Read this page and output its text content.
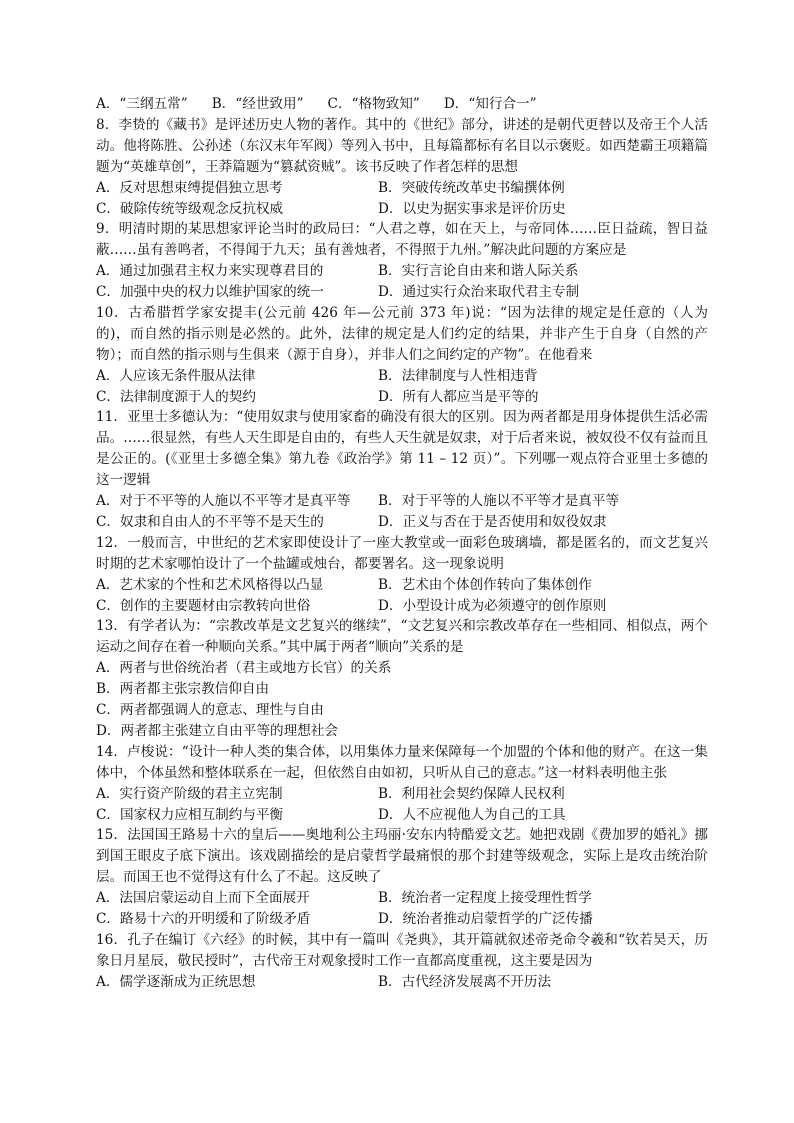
A．“三纲五常” B．“经世致用” C．“格物致知” D．“知行合一”
8．李贽的《藏书》是评述历史人物的著作。其中的《世纪》部分，讲述的是朝代更替以及帝王个人活动。他将陈胜、公孙述（东汉末年军阀）等列入书中，且每篇都标有名目以示褒贬。如西楚霸王项籍篇题为“英雄草创”，王莽篇题为“篡弑资贼”。该书反映了作者怎样的思想
A．反对思想束缚提倡独立思考	B．突破传统改革史书编撰体例
C．破除传统等级观念反抗权威	D．以史为据实事求是评价历史
9．明清时期的某思想家评论当时的政局曰：“人君之尊，如在天上，与帝同体……臣日益疏，智日益蔽……虽有善鸣者，不得闻于九天；虽有善烛者，不得照于九州。”解决此问题的方案应是
A．通过加强君主权力来实现尊君目的	B．实行言论自由来和谐人际关系
C．加强中央的权力以维护国家的统一	D．通过实行众治来取代君主专制
10．古希腊哲学家安提丰(公元前 426 年—公元前 373 年)说：“因为法律的规定是任意的（人为的)，而自然的指示则是必然的。此外，法律的规定是人们约定的结果，并非产生于自身（自然的产物）；而自然的指示则与生俱来（源于自身），并非人们之间约定的产物”。在他看来
A．人应该无条件服从法律	B．法律制度与人性相违背
C．法律制度源于人的契约	D．所有人都应当是平等的
11．亚里士多德认为：“使用奴隶与使用家畜的确没有很大的区别。因为两者都是用身体提供生活必需品。……很显然，有些人天生即是自由的，有些人天生就是奴隶，对于后者来说，被奴役不仅有益而且是公正的。(《亚里士多德全集》第九卷《政治学》第 11 – 12 页）”。下列哪一观点符合亚里士多德的这一逻辑
A．对于不平等的人施以不平等才是真平等	B．对于平等的人施以不平等才是真平等
C．奴隶和自由人的不平等不是天生的	D．正义与否在于是否使用和奴役奴隶
12．一般而言，中世纪的艺术家即使设计了一座大教堂或一面彩色玻璃墙，都是匿名的，而文艺复兴时期的艺术家哪怕设计了一个盐罐或烛台，都要署名。这一现象说明
A．艺术家的个性和艺术风格得以凸显	B．艺术由个体创作转向了集体创作
C．创作的主要题材由宗教转向世俗	D．小型设计成为必须遵守的创作原则
13．有学者认为：“宗教改革是文艺复兴的继续”，“文艺复兴和宗教改革存在一些相同、相似点，两个运动之间存在着一种顺向关系。”其中属于两者“顺向”关系的是
A．两者与世俗统治者（君主或地方长官）的关系
B．两者都主张宗教信仰自由
C．两者都强调人的意志、理性与自由
D．两者都主张建立自由平等的理想社会
14．卢梭说：“设计一种人类的集合体，以用集体力量来保障每一个加盟的个体和他的财产。在这一集体中，个体虽然和整体联系在一起，但依然自由如初，只听从自己的意志。”这一材料表明他主张
A．实行资产阶级的君主立宪制	B．利用社会契约保障人民权利
C．国家权力应相互制约与平衡	D．人不应视他人为自己的工具
15．法国国王路易十六的皇后——奥地利公主玛丽·安东内特酷爱文艺。她把戏剧《费加罗的婚礼》挪到国王眼皮子底下演出。该戏剧描绘的是启蒙哲学最痛恨的那个封建等级观念，实际上是攻击统治阶层。而国王也不觉得这有什么了不起。这反映了
A．法国启蒙运动自上而下全面展开	B．统治者一定程度上接受理性哲学
C．路易十六的开明缓和了阶级矛盾	D．统治者推动启蒙哲学的广泛传播
16．孔子在编订《六经》的时候，其中有一篇叫《尧典》，其开篇就叙述帝尧命令羲和“钦若昊天，历象日月星辰，敬民授时”，古代帝王对观象授时工作一直都高度重视，这主要是因为
A．儒学逐渐成为正统思想	B．古代经济发展离不开历法
